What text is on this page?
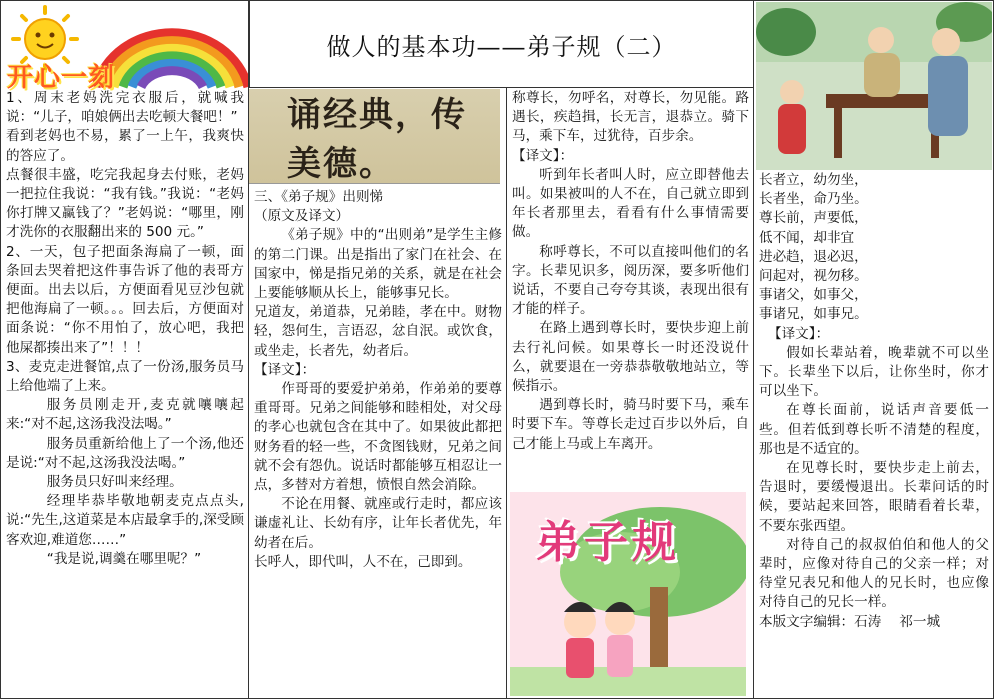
做人的基本功——弟子规（二）
开心一刻

1、周末老妈洗完衣服后，就喊我说：“儿子，咱娘俩出去吃顿大餐吧！”

看到老妈也不易，累了一上午，我爽快的答应了。

点餐很丰盛，吃完我起身去付账，老妈一把拉住我说：“我有钱。”我说：“老妈你打牌又赢钱了？”老妈说：“哪里，刚才洗你的衣服翻出来的 500 元。”

2、一天，包子把面条海扁了一顿，面条回去哭着把这件事告诉了他的表哥方便面。出去以后，方便面看见豆沙包就把他海扁了一顿。。。回去后，方便面对面条说：“你不用怕了，放心吧，我把他屎都揍出来了”！！！

3、麦克走进餐馆,点了一份汤,服务员马上给他端了上来。

服务员刚走开,麦克就嚷嚷起来:“对不起,这汤我没法喝。”

服务员重新给他上了一个汤,他还是说:“对不起,这汤我没法喝。”

服务员只好叫来经理。

经理毕恭毕敬地朝麦克点点头,说:“先生,这道菜是本店最拿手的,深受顾客欢迎,难道您……”

“我是说,调羹在哪里呢？”

诵经典，传美德。

三、《弟子规》出则悌

（原文及译文）

《弟子规》中的“出则弟”是学生主修的第二门课。出是指出了家门在社会、在国家中，悌是指兄弟的关系，就是在社会上要能够顺从长上，能够事兄长。

兄道友，弟道恭，兄弟睦，孝在中。财物轻，怨何生，言语忍，忿自泯。或饮食，或坐走，长者先，幼者后。

【译文】：

作哥哥的要爱护弟弟，作弟弟的要尊重哥哥。兄弟之间能够和睦相处，对父母的孝心也就包含在其中了。如果彼此都把财务看的轻一些，不贪图钱财，兄弟之间就不会有怨仇。说话时都能够互相忍让一点，多替对方着想，愤恨自然会消除。

不论在用餐、就座或行走时，都应该谦虚礼让、长幼有序，让年长者优先，年幼者在后。

长呼人，即代叫，人不在，己即到。

称尊长，勿呼名，对尊长，勿见能。路遇长，疾趋揖，长无言，退恭立。骑下马，乘下车，过犹待，百步余。

【译文】：

听到年长者叫人时，应立即替他去叫。如果被叫的人不在，自己就立即到年长者那里去，看看有什么事情需要做。

称呼尊长，不可以直接叫他们的名字。长辈见识多，阅历深，要多听他们说话，不要自己夸夸其谈，表现出很有才能的样子。

在路上遇到尊长时，要快步迎上前去行礼问候。如果尊长一时还没说什么，就要退在一旁恭恭敬敬地站立，等候指示。

遇到尊长时，骑马时要下马，乘车时要下车。等尊长走过百步以外后，自己才能上马或上车离开。

弟子规

长者立，幼勿坐，

长者坐，命乃坐。

尊长前，声要低，

低不闻，却非宜

进必趋，退必迟，

问起对，视勿移。

事诸父，如事父，

事诸兄，如事兄。

【译文】：

假如长辈站着，晚辈就不可以坐下。长辈坐下以后，让你坐时，你才可以坐下。

在尊长面前，说话声音要低一些。但若低到尊长听不清楚的程度，那也是不适宜的。

在见尊长时，要快步走上前去，告退时，要缓慢退出。长辈问话的时候，要站起来回答，眼睛看着长辈，不要东张西望。

对待自己的叔叔伯伯和他人的父辈时，应像对待自己的父亲一样；对待堂兄表兄和他人的兄长时，也应像对待自己的兄长一样。

本版文字编辑：石涛　 祁一城
